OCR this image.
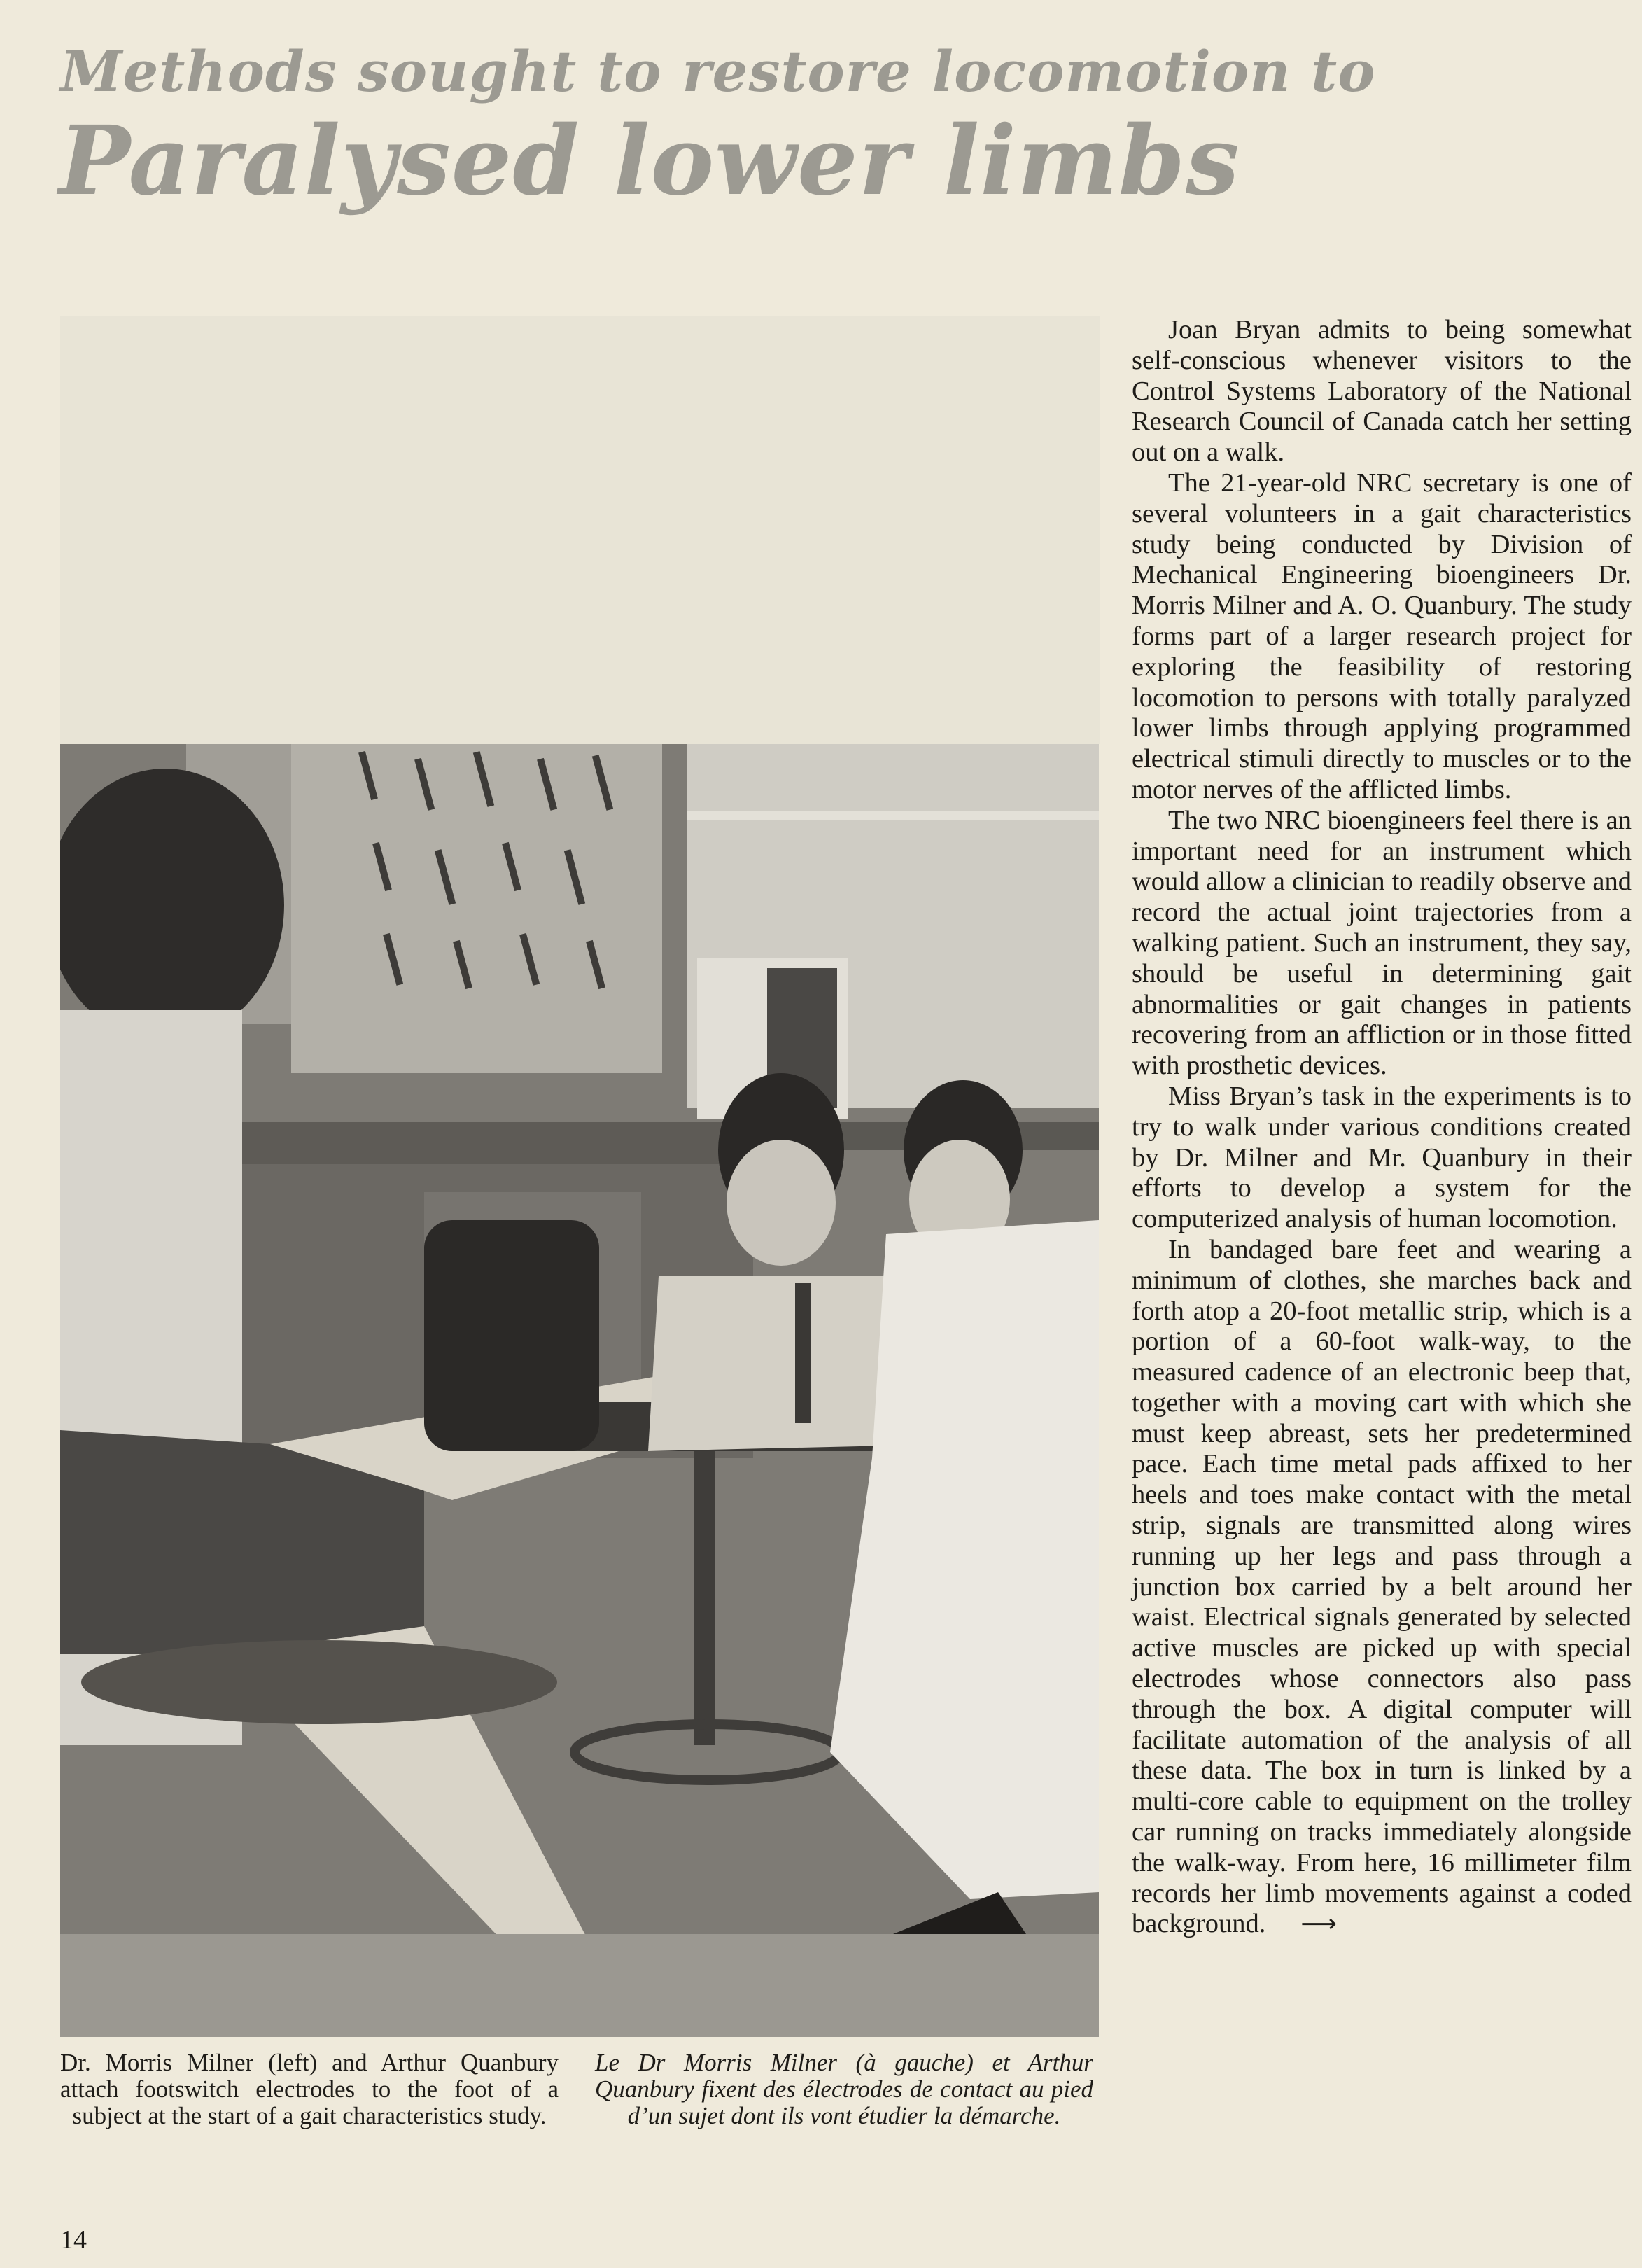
Methods sought to restore locomotion to
Paralysed lower limbs

Dr. Morris Milner (left) and Arthur Quanbury attach footswitch electrodes to the foot of a subject at the start of a gait characteristics study.

Le Dr Morris Milner (à gauche) et Arthur Quanbury fixent des électrodes de contact au pied d’un sujet dont ils vont étudier la démarche.

Joan Bryan admits to being somewhat self-conscious whenever visitors to the Control Systems Laboratory of the National Research Council of Canada catch her setting out on a walk.

The 21-year-old NRC secretary is one of several volunteers in a gait characteristics study being conducted by Division of Mechanical Engineering bioengineers Dr. Morris Milner and A. O. Quanbury. The study forms part of a larger research project for exploring the feasibility of restoring locomotion to persons with totally paralyzed lower limbs through applying programmed electrical stimuli directly to muscles or to the motor nerves of the afflicted limbs.

The two NRC bioengineers feel there is an important need for an instrument which would allow a clinician to readily observe and record the actual joint trajectories from a walking patient. Such an instrument, they say, should be useful in determining gait abnormalities or gait changes in patients recovering from an affliction or in those fitted with prosthetic devices.

Miss Bryan’s task in the experiments is to try to walk under various conditions created by Dr. Milner and Mr. Quanbury in their efforts to develop a system for the computerized analysis of human locomotion.

In bandaged bare feet and wearing a minimum of clothes, she marches back and forth atop a 20-foot metallic strip, which is a portion of a 60-foot walk-way, to the measured cadence of an electronic beep that, together with a moving cart with which she must keep abreast, sets her predetermined pace. Each time metal pads affixed to her heels and toes make contact with the metal strip, signals are transmitted along wires running up her legs and pass through a junction box carried by a belt around her waist. Electrical signals generated by selected active muscles are picked up with special electrodes whose connectors also pass through the box. A digital computer will facilitate automation of the analysis of all these data. The box in turn is linked by a multi-core cable to equipment on the trolley car running on tracks immediately alongside the walk-way. From here, 16 millimeter film records her limb movements against a coded background. ⟶

14
